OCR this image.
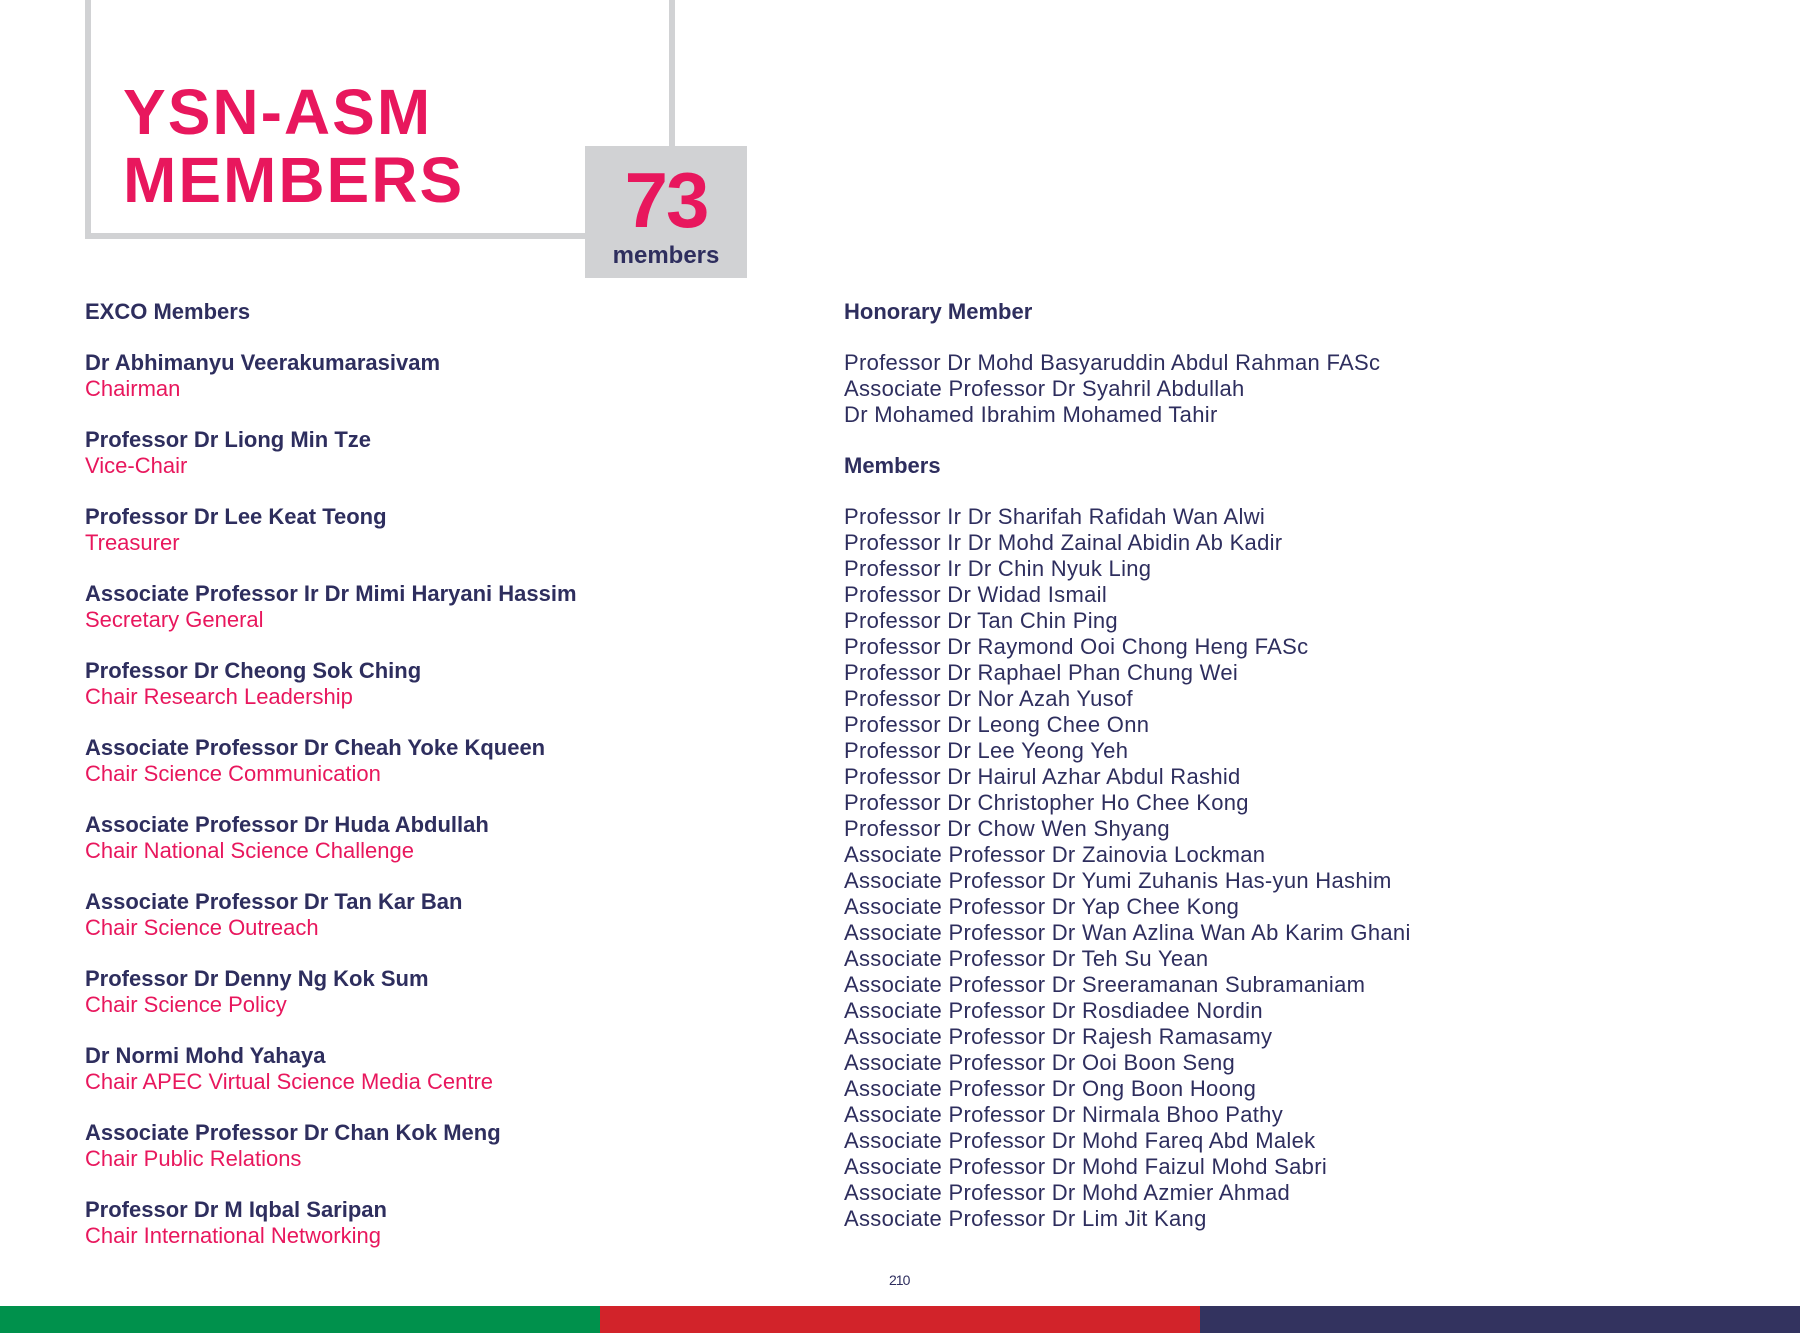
YSN-ASM
MEMBERS	73
members
EXCO Members
Dr Abhimanyu Veerakumarasivam
Chairman
Professor Dr Liong Min Tze
Vice-Chair
Professor Dr Lee Keat Teong
Treasurer
Associate Professor Ir Dr Mimi Haryani Hassim
Secretary General
Professor Dr Cheong Sok Ching
Chair Research Leadership
Associate Professor Dr Cheah Yoke Kqueen
Chair Science Communication
Associate Professor Dr Huda Abdullah
Chair National Science Challenge
Associate Professor Dr Tan Kar Ban
Chair Science Outreach
Professor Dr Denny Ng Kok Sum
Chair Science Policy
Dr Normi Mohd Yahaya
Chair APEC Virtual Science Media Centre
Associate Professor Dr Chan Kok Meng
Chair Public Relations
Professor Dr M Iqbal Saripan
Chair International Networking
Honorary Member
Professor Dr Mohd Basyaruddin Abdul Rahman FASc
Associate Professor Dr Syahril Abdullah
Dr Mohamed Ibrahim Mohamed Tahir
Members
Professor Ir Dr Sharifah Rafidah Wan Alwi
Professor Ir Dr Mohd Zainal Abidin Ab Kadir
Professor Ir Dr Chin Nyuk Ling
Professor Dr Widad Ismail
Professor Dr Tan Chin Ping
Professor Dr Raymond Ooi Chong Heng FASc
Professor Dr Raphael Phan Chung Wei
Professor Dr Nor Azah Yusof
Professor Dr Leong Chee Onn
Professor Dr Lee Yeong Yeh
Professor Dr Hairul Azhar Abdul Rashid
Professor Dr Christopher Ho Chee Kong
Professor Dr Chow Wen Shyang
Associate Professor Dr Zainovia Lockman
Associate Professor Dr Yumi Zuhanis Has-yun Hashim
Associate Professor Dr Yap Chee Kong
Associate Professor Dr Wan Azlina Wan Ab Karim Ghani
Associate Professor Dr Teh Su Yean
Associate Professor Dr Sreeramanan Subramaniam
Associate Professor Dr Rosdiadee Nordin
Associate Professor Dr Rajesh Ramasamy
Associate Professor Dr Ooi Boon Seng
Associate Professor Dr Ong Boon Hoong
Associate Professor Dr Nirmala Bhoo Pathy
Associate Professor Dr Mohd Fareq Abd Malek
Associate Professor Dr Mohd Faizul Mohd Sabri
Associate Professor Dr Mohd Azmier Ahmad
Associate Professor Dr Lim Jit Kang
210
